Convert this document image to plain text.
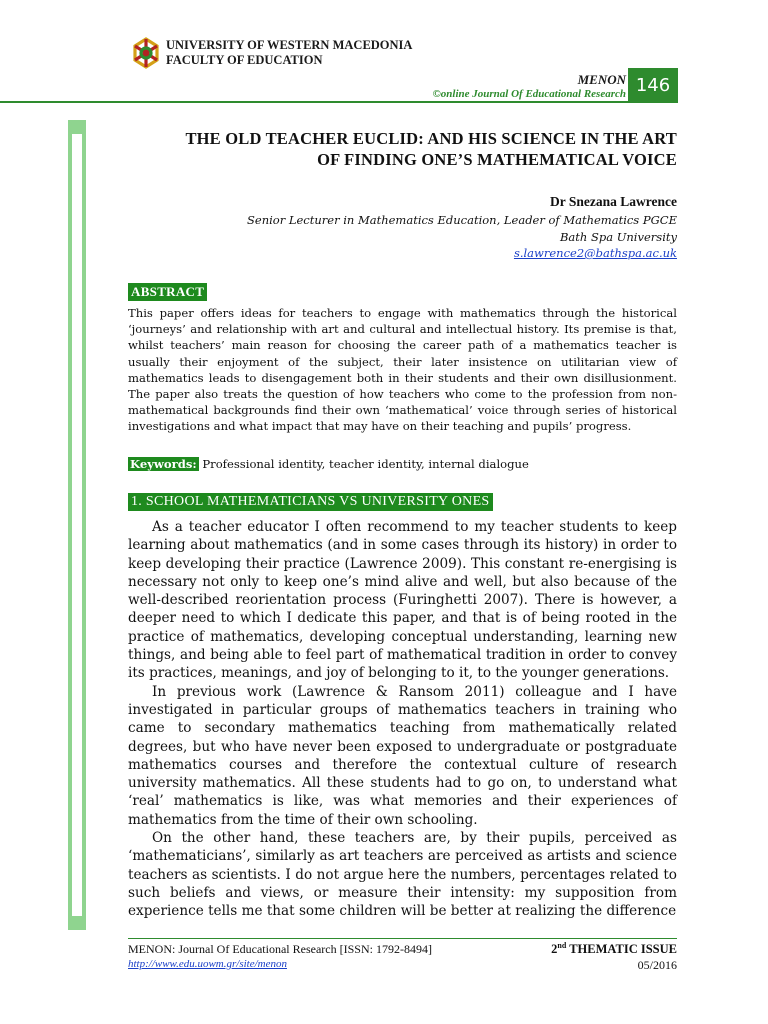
UNIVERSITY OF WESTERN MACEDONIA
FACULTY OF EDUCATION
MENON
©online Journal Of Educational Research 146
THE OLD TEACHER EUCLID: AND HIS SCIENCE IN THE ART
OF FINDING ONE’S MATHEMATICAL VOICE
Dr Snezana Lawrence
Senior Lecturer in Mathematics Education, Leader of Mathematics PGCE
Bath Spa University
s.lawrence2@bathspa.ac.uk
ABSTRACT
This paper offers ideas for teachers to engage with mathematics through the historical ‘journeys’ and relationship with art and cultural and intellectual history. Its premise is that, whilst teachers’ main reason for choosing the career path of a mathematics teacher is usually their enjoyment of the subject, their later insistence on utilitarian view of mathematics leads to disengagement both in their students and their own disillusionment. The paper also treats the question of how teachers who come to the profession from non-mathematical backgrounds find their own ‘mathematical’ voice through series of historical investigations and what impact that may have on their teaching and pupils’ progress.
Keywords: Professional identity, teacher identity, internal dialogue
1. SCHOOL MATHEMATICIANS VS UNIVERSITY ONES

As a teacher educator I often recommend to my teacher students to keep learning about mathematics (and in some cases through its history) in order to keep developing their practice (Lawrence 2009). This constant re-energising is necessary not only to keep one’s mind alive and well, but also because of the well-described reorientation process (Furinghetti 2007). There is however, a deeper need to which I dedicate this paper, and that is of being rooted in the practice of mathematics, developing conceptual understanding, learning new things, and being able to feel part of mathematical tradition in order to convey its practices, meanings, and joy of belonging to it, to the younger generations.

In previous work (Lawrence & Ransom 2011) colleague and I have investigated in particular groups of mathematics teachers in training who came to secondary mathematics teaching from mathematically related degrees, but who have never been exposed to undergraduate or postgraduate mathematics courses and therefore the contextual culture of research university mathematics. All these students had to go on, to understand what ‘real’ mathematics is like, was what memories and their experiences of mathematics from the time of their own schooling.

On the other hand, these teachers are, by their pupils, perceived as ‘mathematicians’, similarly as art teachers are perceived as artists and science teachers as scientists. I do not argue here the numbers, percentages related to such beliefs and views, or measure their intensity: my supposition from experience tells me that some children will be better at realizing the difference

MENON: Journal Of Educational Research [ISSN: 1792-8494]
http://www.edu.uowm.gr/site/menon
2nd THEMATIC ISSUE
05/2016
